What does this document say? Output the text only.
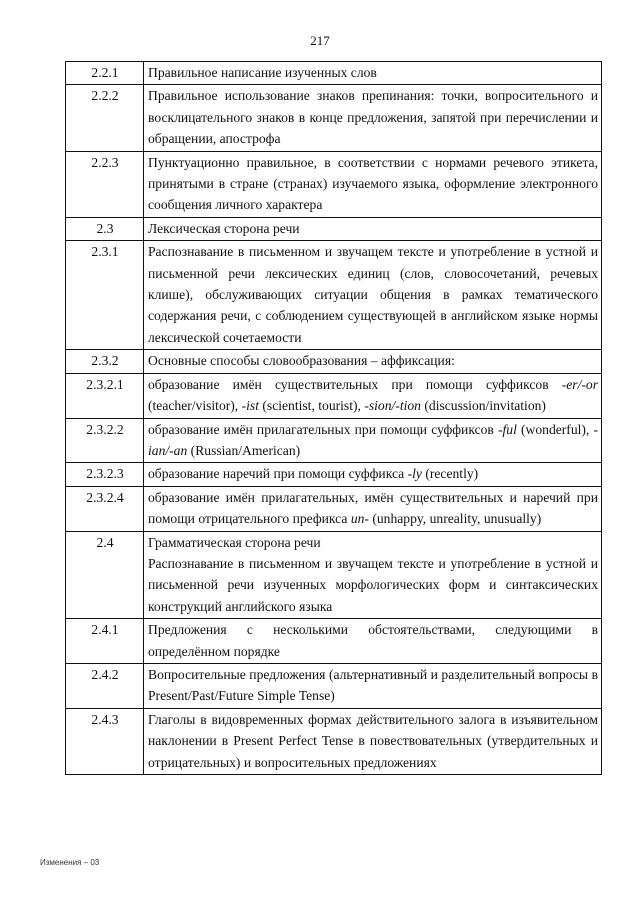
217
2.2.1	Правильное написание изученных слов
2.2.2	Правильное использование знаков препинания: точки, вопросительного и восклицательного знаков в конце предложения, запятой при перечислении и обращении, апострофа
2.2.3	Пунктуационно правильное, в соответствии с нормами речевого этикета, принятыми в стране (странах) изучаемого языка, оформление электронного сообщения личного характера
2.3	Лексическая сторона речи
2.3.1	Распознавание в письменном и звучащем тексте и употребление в устной и письменной речи лексических единиц (слов, словосочетаний, речевых клише), обслуживающих ситуации общения в рамках тематического содержания речи, с соблюдением существующей в английском языке нормы лексической сочетаемости
2.3.2	Основные способы словообразования – аффиксация:
2.3.2.1	образование имён существительных при помощи суффиксов -er/-or (teacher/visitor), -ist (scientist, tourist), -sion/-tion (discussion/invitation)
2.3.2.2	образование имён прилагательных при помощи суффиксов -ful (wonderful), -ian/-an (Russian/American)
2.3.2.3	образование наречий при помощи суффикса -ly (recently)
2.3.2.4	образование имён прилагательных, имён существительных и наречий при помощи отрицательного префикса un- (unhappy, unreality, unusually)
2.4	Грамматическая сторона речи
Распознавание в письменном и звучащем тексте и употребление в устной и письменной речи изученных морфологических форм и синтаксических конструкций английского языка

2.4.1	Предложения с несколькими обстоятельствами, следующими в определённом порядке
2.4.2	Вопросительные предложения (альтернативный и разделительный вопросы в Present/Past/Future Simple Tense)
2.4.3	Глаголы в видовременных формах действительного залога в изъявительном наклонении в Present Perfect Tense в повествовательных (утвердительных и отрицательных) и вопросительных предложениях
Изменения – 03
